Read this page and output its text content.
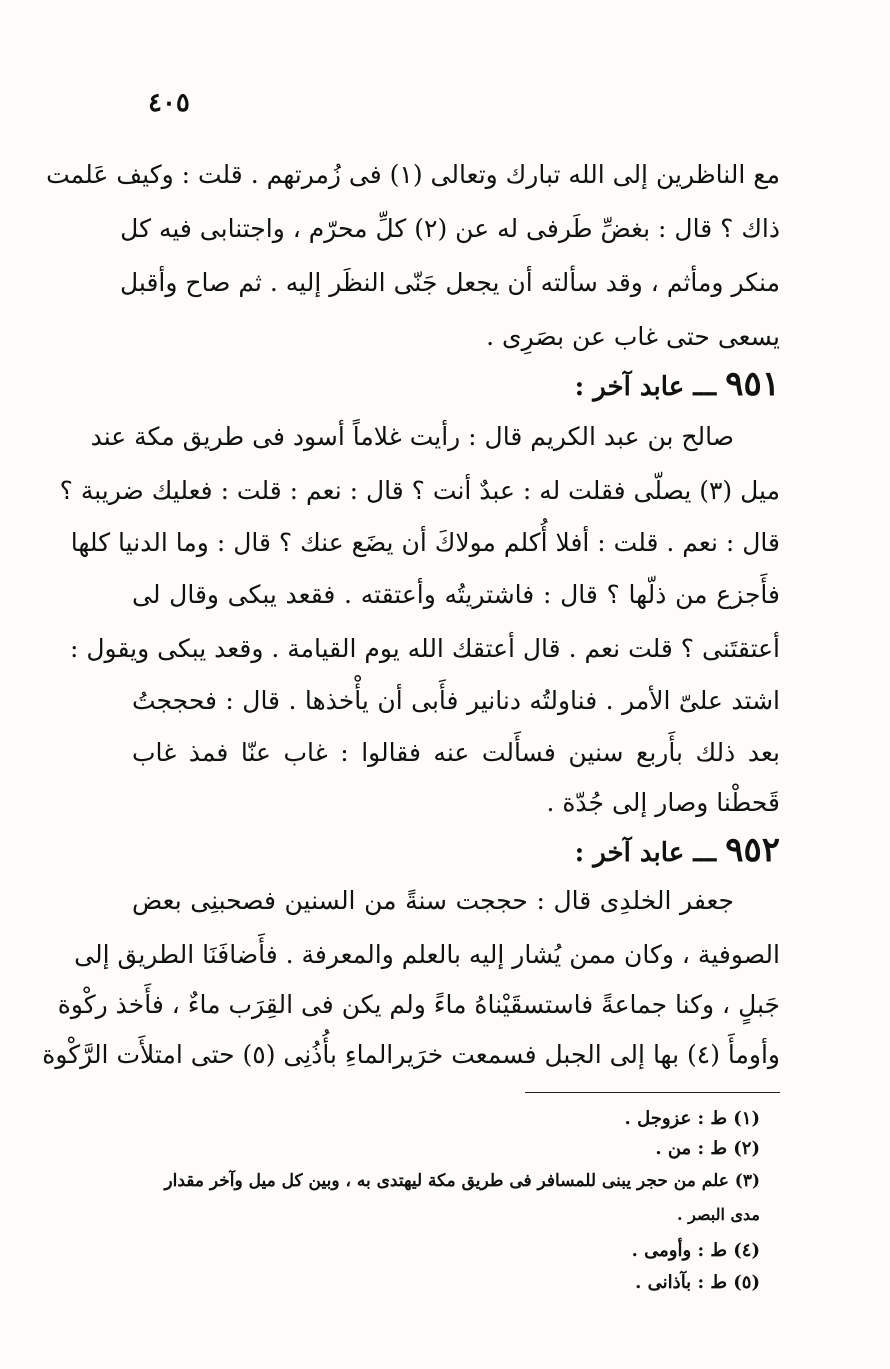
٤٠٥
مع الناظرين إلى الله تبارك وتعالى (١) فى زُمرتهم . قلت : وكيف عَلمت
ذاك ؟ قال : بغضِّ طَرفى له عن (٢) كلِّ محرّم ، واجتنابى فيه كل
منكر ومأثم ، وقد سألته أن يجعل جَنّى النظَر إليه . ثم صاح وأقبل
يسعى حتى غاب عن بصَرِى .
٩٥١ ـــ عابد آخر :
صالح بن عبد الكريم قال : رأيت غلاماً أسود فى طريق مكة عند
ميل (٣) يصلّى فقلت له : عبدٌ أنت ؟ قال : نعم : قلت : فعليك ضريبة ؟
قال : نعم . قلت : أفلا أُكلم مولاكَ أن يضَع عنك ؟ قال : وما الدنيا كلها
فأَجزع من ذلّها ؟ قال : فاشتريتُه وأعتقته . فقعد يبكى وقال لى
أعتقتَنى ؟ قلت نعم . قال أعتقك الله يوم القيامة . وقعد يبكى ويقول :
اشتد علىّ الأمر . فناولتُه دنانير فأَبى أن يأْخذها . قال : فحججتُ
بعد ذلك بأَربع سنين فسأَلت عنه فقالوا : غاب عنّا فمذ غاب
قَحطْنا وصار إلى جُدّة .
٩٥٢ ـــ عابد آخر :
جعفر الخلدِى قال : حججت سنةً من السنين فصحبنِى بعض
الصوفية ، وكان ممن يُشار إليه بالعلم والمعرفة . فأَضافَنَا الطريق إلى
جَبلٍ ، وكنا جماعةً فاستسقَيْناهُ ماءً ولم يكن فى القِرَب ماءٌ ، فأَخذ ركْوة
وأومأَ (٤) بها إلى الجبل فسمعت خرَيرالماءِ بأُذُنِى (٥) حتى امتلأَت الرَّكْوة
(١) ط : عزوجل .
(٢) ط : من .
(٣) علم من حجر يبنى للمسافر فى طريق مكة ليهتدى به ، وبين كل ميل وآخر مقدار
مدى البصر .
(٤) ط : وأومى .
(٥) ط : بآذانى .
